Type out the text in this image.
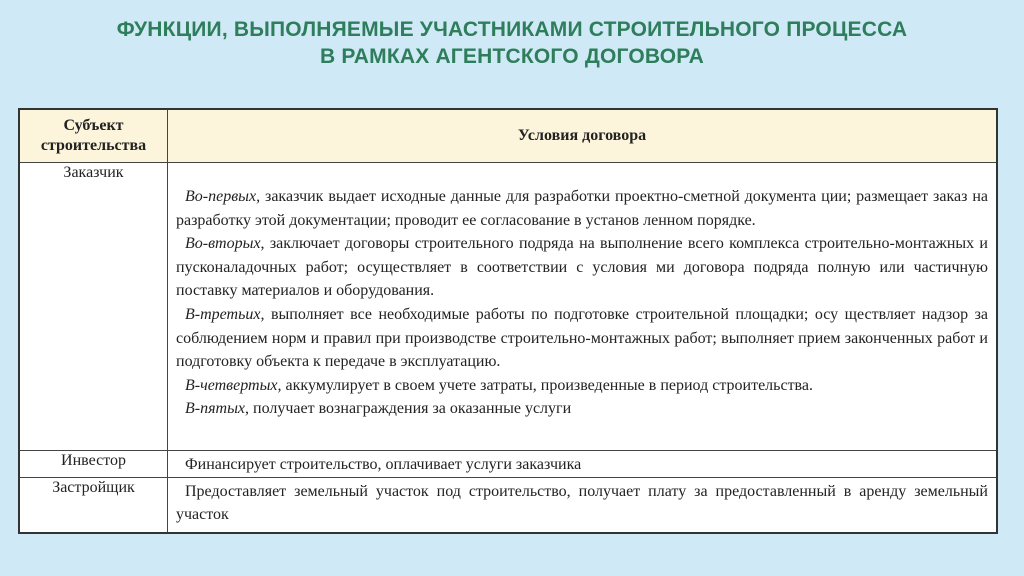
ФУНКЦИИ, ВЫПОЛНЯЕМЫЕ УЧАСТНИКАМИ СТРОИТЕЛЬНОГО ПРОЦЕССА
В РАМКАХ АГЕНТСКОГО ДОГОВОРА
Субъект
строительства	Условия договора
Заказчик	Во-первых, заказчик выдает исходные данные для разработки проектно-сметной документа ции; размещает заказ на разработку этой документации; проводит ее согласование в установ ленном порядке.
Во-вторых, заключает договоры строительного подряда на выполнение всего комплекса строительно-монтажных и пусконаладочных работ; осуществляет в соответствии с условия ми договора подряда полную или частичную поставку материалов и оборудования.
В-третьих, выполняет все необходимые работы по подготовке строительной площадки; осу ществляет надзор за соблюдением норм и правил при производстве строительно-монтажных работ; выполняет прием законченных работ и подготовку объекта к передаче в эксплуатацию.
В-четвертых, аккумулирует в своем учете затраты, произведенные в период строительства.
В-пятых, получает вознаграждения за оказанные услуги

Инвестор	Финансирует строительство, оплачивает услуги заказчика

Застройщик	Предоставляет земельный участок под строительство, получает плату за предоставленный в аренду земельный участок
